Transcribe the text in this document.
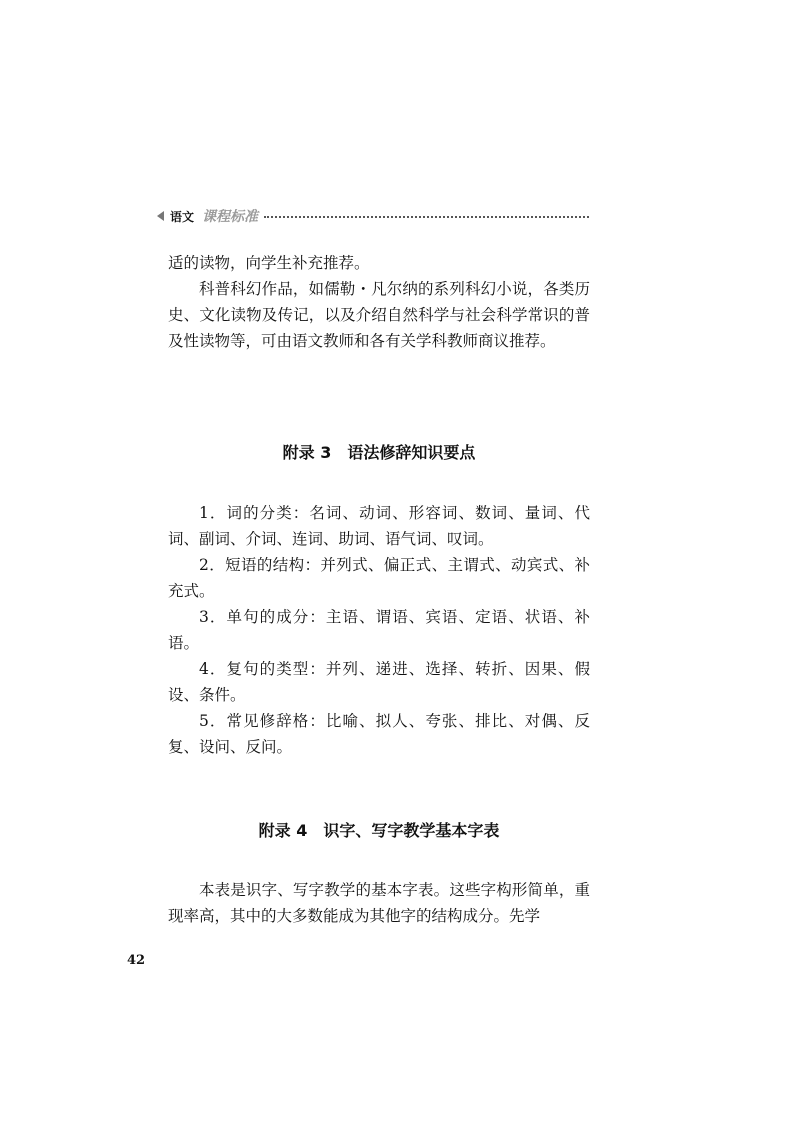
语文 课程标准

适的读物，向学生补充推荐。

科普科幻作品，如儒勒・凡尔纳的系列科幻小说，各类历史、文化读物及传记，以及介绍自然科学与社会科学常识的普及性读物等，可由语文教师和各有关学科教师商议推荐。

附录 3　语法修辞知识要点

1．词的分类：名词、动词、形容词、数词、量词、代词、副词、介词、连词、助词、语气词、叹词。

2．短语的结构：并列式、偏正式、主谓式、动宾式、补充式。

3．单句的成分：主语、谓语、宾语、定语、状语、补语。

4．复句的类型：并列、递进、选择、转折、因果、假设、条件。

5．常见修辞格：比喻、拟人、夸张、排比、对偶、反复、设问、反问。

附录 4　识字、写字教学基本字表

本表是识字、写字教学的基本字表。这些字构形简单，重现率高，其中的大多数能成为其他字的结构成分。先学

42
